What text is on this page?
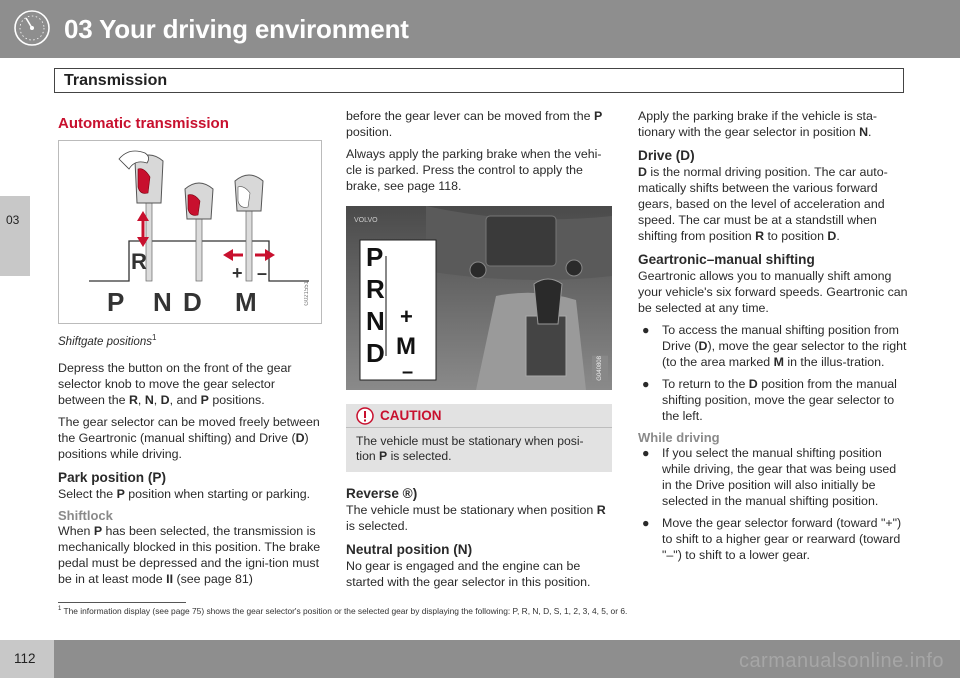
03 Your driving environment
Transmission
03
Automatic transmission
R	+ –
P N D M	G021551
Shiftgate positions$^1$

Depress the button on the front of the gear selector knob to move the gear selector between the R, N, D, and P positions.

The gear selector can be moved freely between the Geartronic (manual shifting) and Drive (D) positions while driving.

Park position (P)

Select the P position when starting or parking.

Shiftlock

When P has been selected, the transmission is mechanically blocked in this position. The brake pedal must be depressed and the igni-tion must be in at least mode II (see page 81)

before the gear lever can be moved from the P position.

Always apply the parking brake when the vehi-cle is parked. Press the control to apply the brake, see page 118.

VOLVO
P
R
N
D
+
M
–	G040808
CAUTION
The vehicle must be stationary when posi-tion P is selected.
Reverse ®)

The vehicle must be stationary when position R is selected.

Neutral position (N)

No gear is engaged and the engine can be started with the gear selector in this position.

Apply the parking brake if the vehicle is sta-tionary with the gear selector in position N.

Drive (D)

D is the normal driving position. The car auto-matically shifts between the various forward gears, based on the level of acceleration and speed. The car must be at a standstill when shifting from position R to position D.

Geartronic–manual shifting

Geartronic allows you to manually shift among your vehicle's six forward speeds. Geartronic can be selected at any time.

● To access the manual shifting position from Drive (D), move the gear selector to the right (to the area marked M in the illus-tration.
● To return to the D position from the manual shifting position, move the gear selector to the left.
While driving
● If you select the manual shifting position while driving, the gear that was being used in the Drive position will also initially be selected in the manual shifting position.
● Move the gear selector forward (toward "+") to shift to a higher gear or rearward (toward "–") to shift to a lower gear.
$^1$ The information display (see page 75) shows the gear selector's position or the selected gear by displaying the following: P, R, N, D, S, 1, 2, 3, 4, 5, or 6.
carmanualsonline.info
112
